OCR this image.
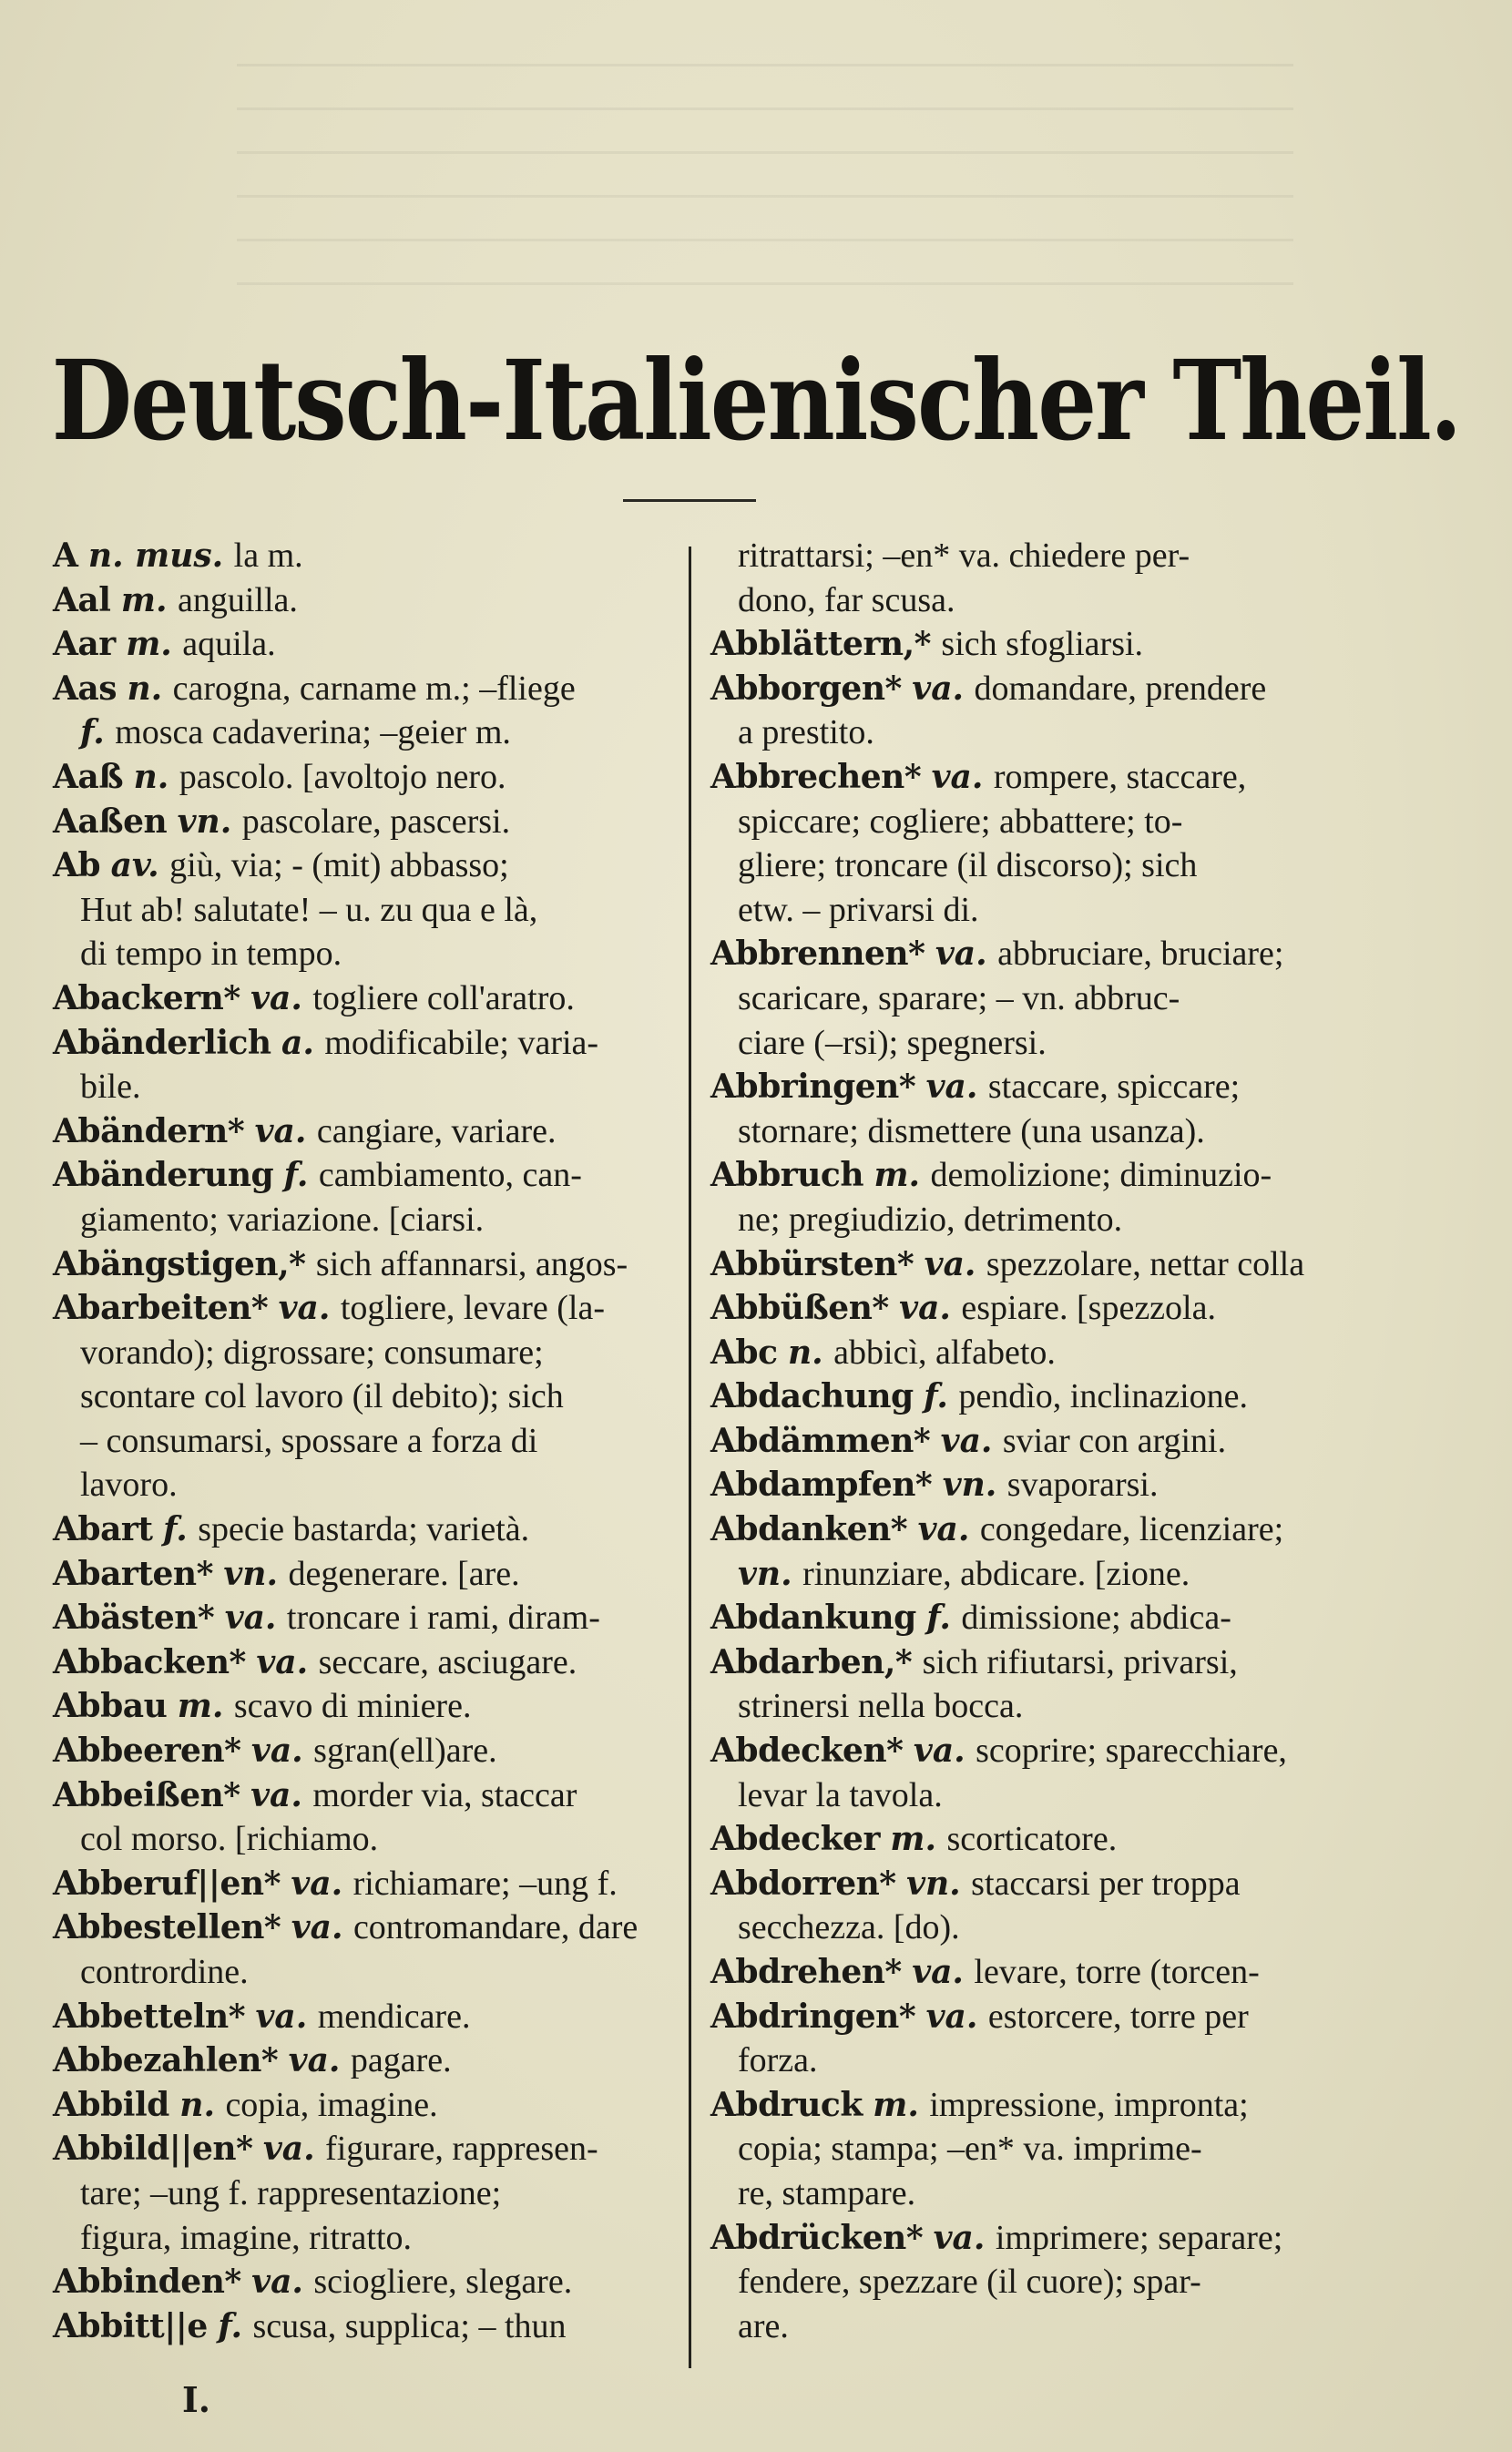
Deutsch-Italienischer Theil.
A n. mus. la m.
Aal m. anguilla.
Aar m. aquila.
Aas n. carogna, carname m.; –fliege
f. mosca cadaverina; –geier m.
Aaß n. pascolo. [avoltojo nero.
Aaßen vn. pascolare, pascersi.
Ab av. giù, via; - (mit) abbasso;
Hut ab! salutate! – u. zu qua e là,
di tempo in tempo.
Abackern* va. togliere coll'aratro.
Abänderlich a. modificabile; varia-
bile.
Abändern* va. cangiare, variare.
Abänderung f. cambiamento, can-
giamento; variazione. [ciarsi.
Abängstigen,* sich affannarsi, angos-
Abarbeiten* va. togliere, levare (la-
vorando); digrossare; consumare;
scontare col lavoro (il debito); sich
– consumarsi, spossare a forza di
lavoro.
Abart f. specie bastarda; varietà.
Abarten* vn. degenerare. [are.
Abästen* va. troncare i rami, diram-
Abbacken* va. seccare, asciugare.
Abbau m. scavo di miniere.
Abbeeren* va. sgran(ell)are.
Abbeißen* va. morder via, staccar
col morso. [richiamo.
Abberuf||en* va. richiamare; –ung f.
Abbestellen* va. contromandare, dare
contrordine.
Abbetteln* va. mendicare.
Abbezahlen* va. pagare.
Abbild n. copia, imagine.
Abbild||en* va. figurare, rappresen-
tare; –ung f. rappresentazione;
figura, imagine, ritratto.
Abbinden* va. sciogliere, slegare.
Abbitt||e f. scusa, supplica; – thun
ritrattarsi; –en* va. chiedere per-
dono, far scusa.
Abblättern,* sich sfogliarsi.
Abborgen* va. domandare, prendere
a prestito.
Abbrechen* va. rompere, staccare,
spiccare; cogliere; abbattere; to-
gliere; troncare (il discorso); sich
etw. – privarsi di.
Abbrennen* va. abbruciare, bruciare;
scaricare, sparare; – vn. abbruc-
ciare (–rsi); spegnersi.
Abbringen* va. staccare, spiccare;
stornare; dismettere (una usanza).
Abbruch m. demolizione; diminuzio-
ne; pregiudizio, detrimento.
Abbürsten* va. spezzolare, nettar colla
Abbüßen* va. espiare. [spezzola.
Abc n. abbicì, alfabeto.
Abdachung f. pendìo, inclinazione.
Abdämmen* va. sviar con argini.
Abdampfen* vn. svaporarsi.
Abdanken* va. congedare, licenziare;
vn. rinunziare, abdicare. [zione.
Abdankung f. dimissione; abdica-
Abdarben,* sich rifiutarsi, privarsi,
strinersi nella bocca.
Abdecken* va. scoprire; sparecchiare,
levar la tavola.
Abdecker m. scorticatore.
Abdorren* vn. staccarsi per troppa
secchezza. [do).
Abdrehen* va. levare, torre (torcen-
Abdringen* va. estorcere, torre per
forza.
Abdruck m. impressione, impronta;
copia; stampa; –en* va. imprime-
re, stampare.
Abdrücken* va. imprimere; separare;
fendere, spezzare (il cuore); spar-
are.
I.
